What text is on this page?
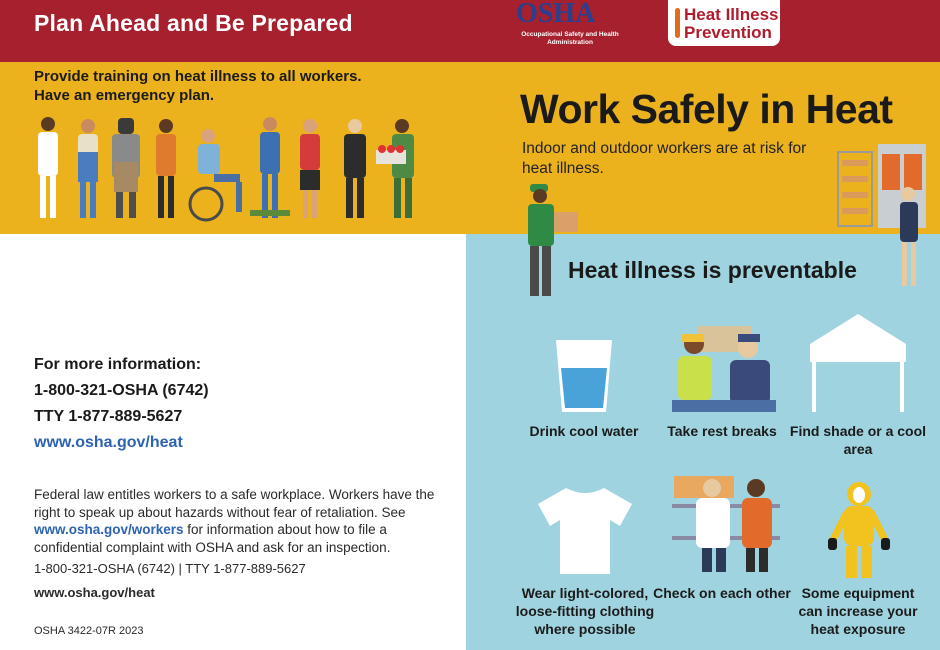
Plan Ahead and Be Prepared	OSHA
Occupational Safety and Health Administration
Heat Illness
Prevention
Provide training on heat illness to all workers.
Have an emergency plan.	Work Safely in Heat
Indoor and outdoor workers are at risk for heat illness.
For more information:
1-800-321-OSHA (6742)
TTY 1-877-889-5627
www.osha.gov/heat
Federal law entitles workers to a safe workplace. Workers have the right to speak up about hazards without fear of retaliation. See www.osha.gov/workers for information about how to file a confidential complaint with OSHA and ask for an inspection.
1-800-321-OSHA (6742) | TTY 1-877-889-5627
www.osha.gov/heat
OSHA 3422-07R 2023
Heat illness is preventable
Drink cool water	Take rest breaks Find shade or a cool area
Wear light-colored, loose-fitting clothing where possible
Check on each other Some equipment can increase your heat exposure
